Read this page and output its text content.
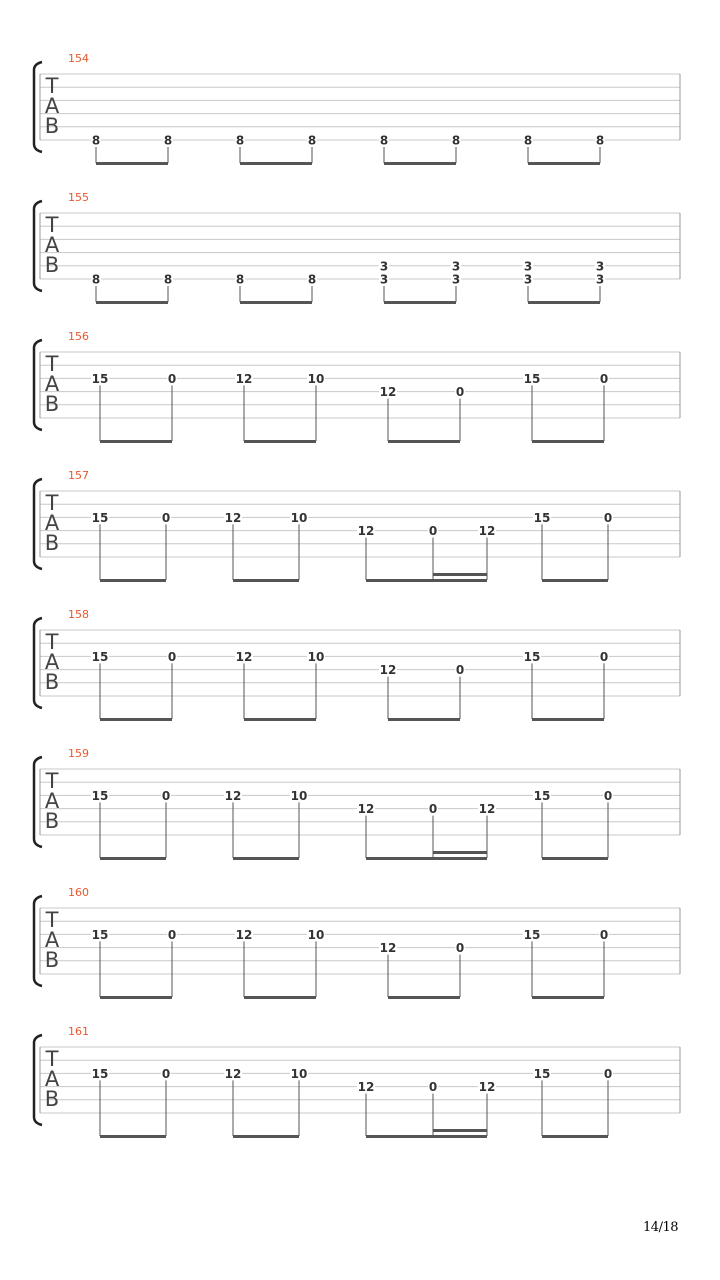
T
A
B
154
8	8	8	8	8	8	8	8
T
A
B
155
8	8	8	8
3
3
3
3
3
3
3
3
T
A
B
156
15	0	12	10
12	0
15	0
T
A
B
157
15	0	12	10
12	0	12
15	0
T
A
B
158
15	0	12	10
12	0
15	0
T
A
B
159
15	0	12	10
12	0	12
15	0
T
A
B
160
15	0	12	10
12	0
15	0
T
A
B
161
15	0	12	10
12	0	12
15	0
14/18
